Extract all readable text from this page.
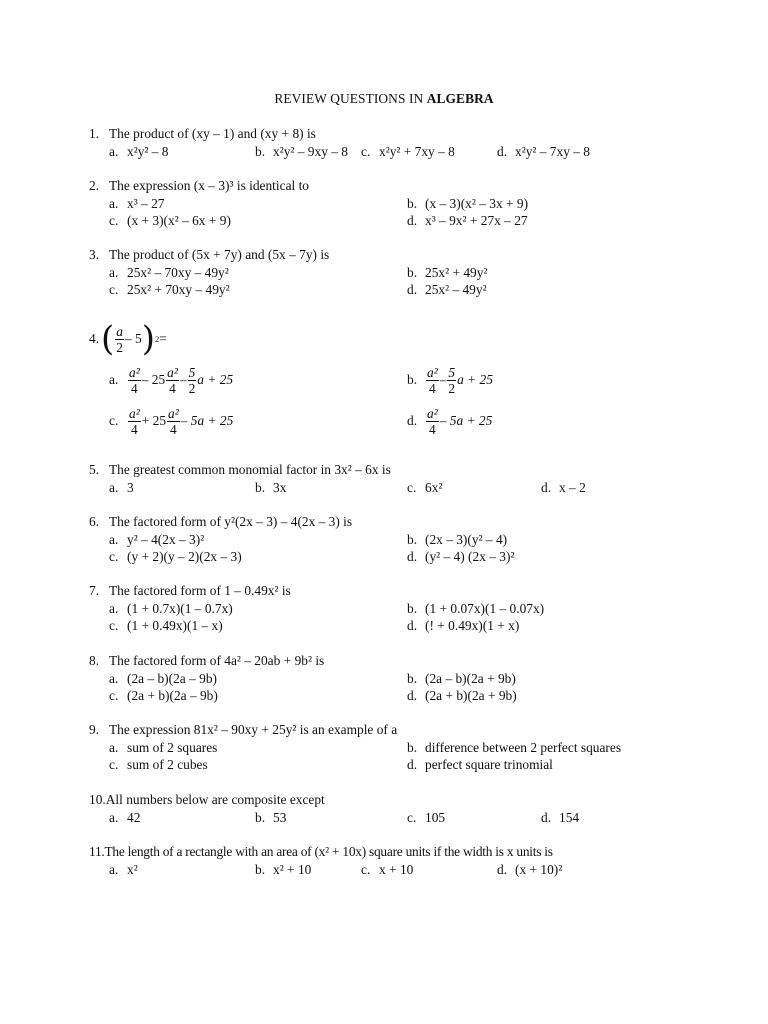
REVIEW QUESTIONS IN ALGEBRA
1. The product of (xy – 1) and (xy + 8) is
a. x²y² – 8	b. x²y² – 9xy – 8 c. x²y² + 7xy – 8	d. x²y² – 7xy – 8
2. The expression (x – 3)³ is identical to
a. x³ – 27	b. (x – 3)(x² – 3x + 9)
c. (x + 3)(x² – 6x + 9)	d. x³ – 9x² + 27x – 27
3. The product of (5x + 7y) and (5x – 7y) is
a. 25x² – 70xy – 49y²	b. 25x² + 49y²
c. 25x² + 70xy – 49y²	d. 25x² – 49y²
4. ( $\frac{a}{2} - 5$ ) 2 =
a. $\frac{\text{a²}}{4} - 25 \frac{\text{a²}}{4} - \frac{5}{2}$ a + 25	b. $\frac{\text{a²}}{4} - \frac{5}{2}$ a + 25
c. $\frac{\text{a²}}{4} + 25 \frac{\text{a²}}{4} - 5a + 25$	d. $\frac{\text{a²}}{4} - 5a + 25$
5. The greatest common monomial factor in 3x² – 6x is
a. 3	b. 3x	c. 6x²	d. x – 2
6. The factored form of y²(2x – 3) – 4(2x – 3) is
a. y² – 4(2x – 3)²	b. (2x – 3)(y² – 4)
c. (y + 2)(y – 2)(2x – 3)	d. (y² – 4) (2x – 3)²
7. The factored form of 1 – 0.49x² is
a. (1 + 0.7x)(1 – 0.7x)	b. (1 + 0.07x)(1 – 0.07x)
c. (1 + 0.49x)(1 – x)	d. (! + 0.49x)(1 + x)
8. The factored form of 4a² – 20ab + 9b² is
a. (2a – b)(2a – 9b)	b. (2a – b)(2a + 9b)
c. (2a + b)(2a – 9b)	d. (2a + b)(2a + 9b)
9. The expression 81x² – 90xy + 25y² is an example of a
a. sum of 2 squares	b. difference between 2 perfect squares
c. sum of 2 cubes	d. perfect square trinomial
10.All numbers below are composite except
a. 42	b. 53	c. 105	d. 154
11.The length of a rectangle with an area of (x² + 10x) square units if the width is x units is
a. x²	b. x² + 10	c. x + 10	d. (x + 10)²
